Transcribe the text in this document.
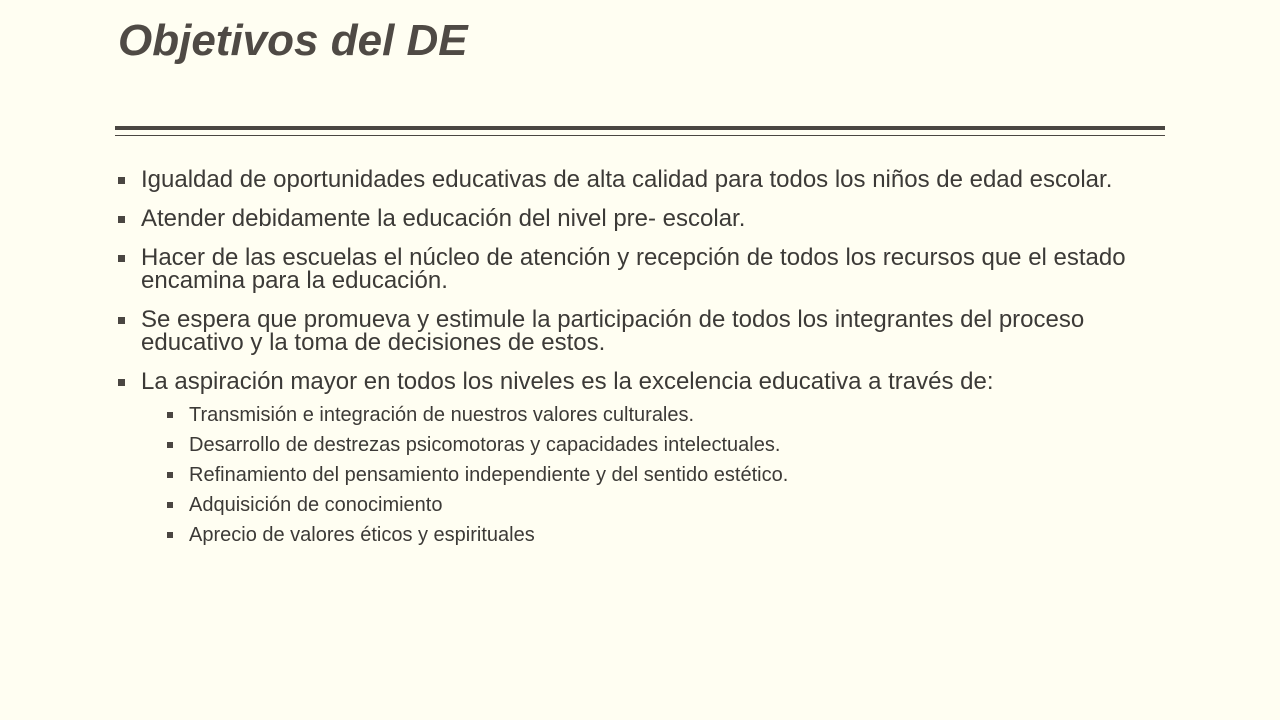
Objetivos del DE
Igualdad de oportunidades educativas de alta calidad para todos los niños de edad escolar.
Atender debidamente la educación del nivel pre- escolar.
Hacer de las escuelas el núcleo de atención y recepción de todos los recursos que el estado encamina para la educación.
Se espera que promueva y estimule la participación de todos los integrantes del proceso educativo y la toma de decisiones de estos.
La aspiración mayor en todos los niveles es la excelencia educativa a través de:
Transmisión e integración de nuestros valores culturales.
Desarrollo de destrezas psicomotoras y capacidades intelectuales.
Refinamiento del pensamiento independiente y del sentido estético.
Adquisición de conocimiento
Aprecio de valores éticos y espirituales
